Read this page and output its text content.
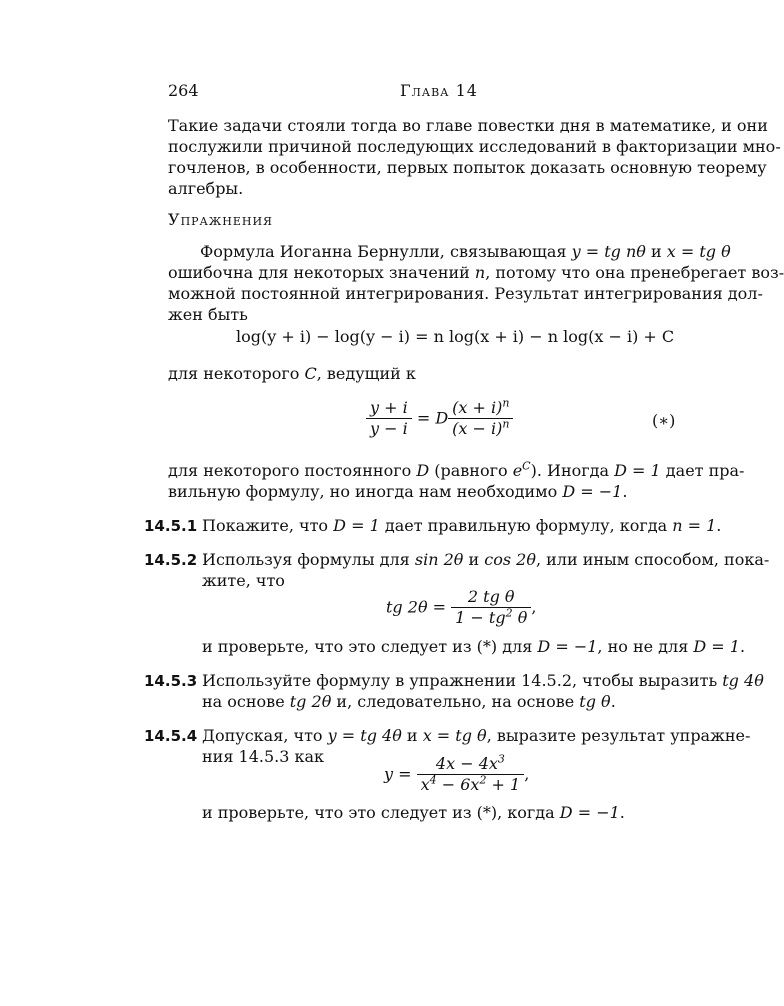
264	Глава 14
Такие задачи стояли тогда во главе повестки дня в математике, и они
послужили причиной последующих исследований в факторизации мно-
гочленов, в особенности, первых попыток доказать основную теорему
алгебры.
Упражнения
Формула Иоганна Бернулли, связывающая y = tg nθ и x = tg θ
ошибочна для некоторых значений n, потому что она пренебрегает воз-
можной постоянной интегрирования. Результат интегрирования дол-
жен быть
log(y + i) − log(y − i) = n log(x + i) − n log(x − i) + C
для некоторого C, ведущий к
$\frac{y + i}{y - i} = D \frac{(x + i)^n}{(x - i)^n}$	(∗)
для некоторого постоянного D (равного $e^C$). Иногда D = 1 дает пра-
вильную формулу, но иногда нам необходимо D = −1.
14.5.1 Покажите, что D = 1 дает правильную формулу, когда n = 1.
14.5.2 Используя формулы для sin 2θ и cos 2θ, или иным способом, пока-
жите, что
tg $2\theta = \frac{\text{2 tg θ}}{1 - tg^2 \theta}$ ,
и проверьте, что это следует из (*) для D = −1, но не для D = 1.
14.5.3 Используйте формулу в упражнении 14.5.2, чтобы выразить tg 4θ
на основе tg 2θ и, следовательно, на основе tg θ.
14.5.4 Допуская, что y = tg 4θ и x = tg θ, выразите результат упражне-
ния 14.5.3 как
$y = \frac{4x - 4x^3}{x^4 - 6x^2 + 1}$ ,
и проверьте, что это следует из (*), когда D = −1.
